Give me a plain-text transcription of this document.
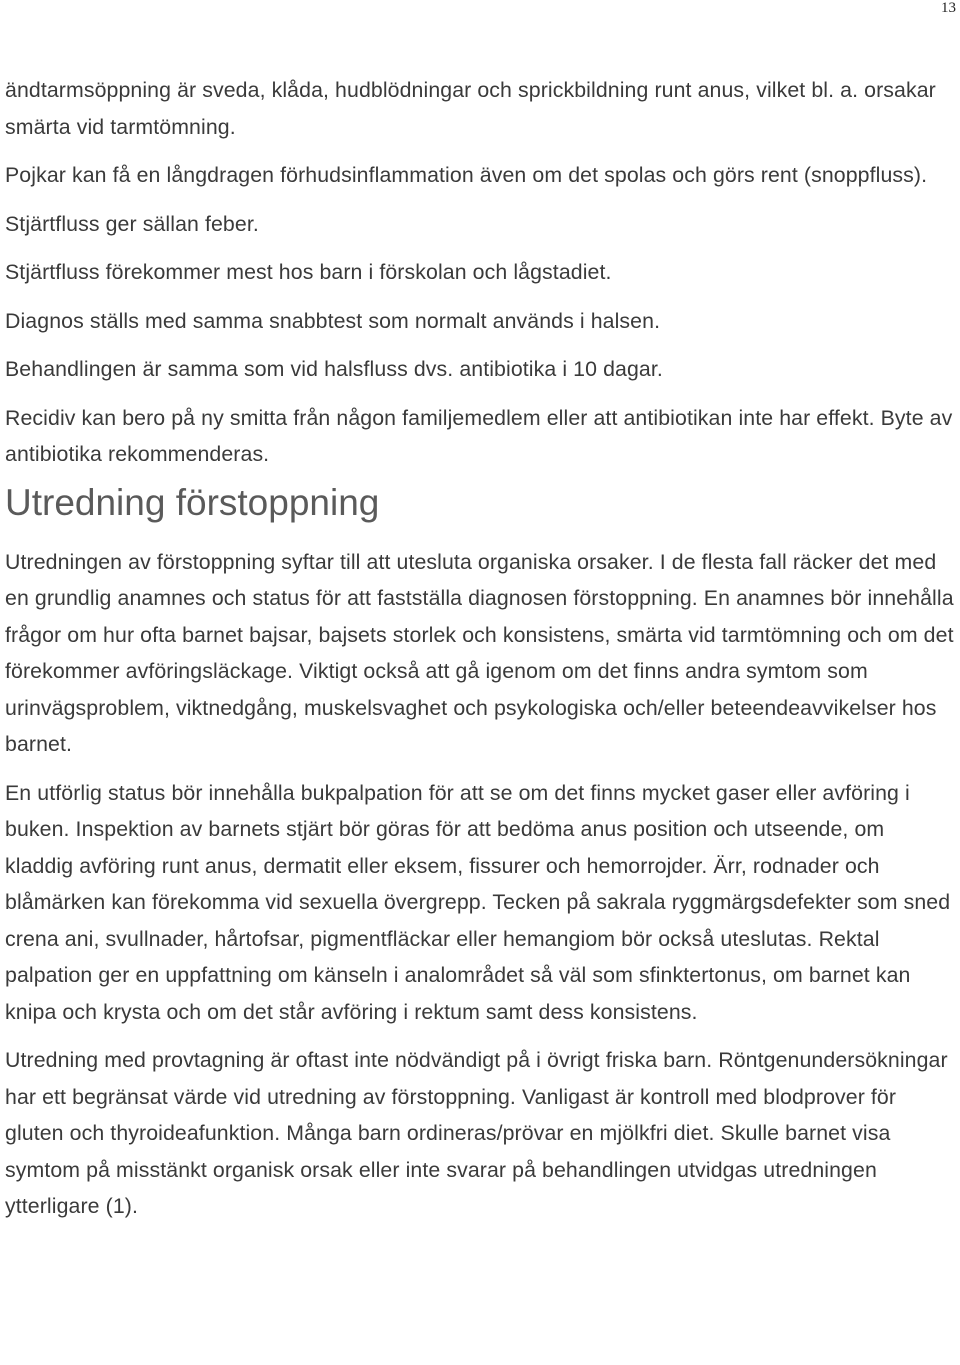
13

ändtarmsöppning är sveda, klåda, hudblödningar och sprickbildning runt anus, vilket bl. a. orsakar smärta vid tarmtömning.

Pojkar kan få en långdragen förhudsinflammation även om det spolas och görs rent (snoppfluss).

Stjärtfluss ger sällan feber.

Stjärtfluss förekommer mest hos barn i förskolan och lågstadiet.

Diagnos ställs med samma snabbtest som normalt används i halsen.

Behandlingen är samma som vid halsfluss dvs. antibiotika i 10 dagar.

Recidiv kan bero på ny smitta från någon familjemedlem eller att antibiotikan inte har effekt. Byte av antibiotika rekommenderas.

Utredning förstoppning

Utredningen av förstoppning syftar till att utesluta organiska orsaker. I de flesta fall räcker det med en grundlig anamnes och status för att fastställa diagnosen förstoppning. En anamnes bör innehålla frågor om hur ofta barnet bajsar, bajsets storlek och konsistens, smärta vid tarmtömning och om det förekommer avföringsläckage. Viktigt också att gå igenom om det finns andra symtom som urinvägsproblem, viktnedgång, muskelsvaghet och psykologiska och/eller beteendeavvikelser hos barnet.

En utförlig status bör innehålla bukpalpation för att se om det finns mycket gaser eller avföring i buken. Inspektion av barnets stjärt bör göras för att bedöma anus position och utseende, om kladdig avföring runt anus, dermatit eller eksem, fissurer och hemorrojder. Ärr, rodnader och blåmärken kan förekomma vid sexuella övergrepp. Tecken på sakrala ryggmärgsdefekter som sned crena ani, svullnader, hårtofsar, pigmentfläckar eller hemangiom bör också uteslutas. Rektal palpation ger en uppfattning om känseln i analområdet så väl som sfinktertonus, om barnet kan knipa och krysta och om det står avföring i rektum samt dess konsistens.

Utredning med provtagning är oftast inte nödvändigt på i övrigt friska barn. Röntgenundersökningar har ett begränsat värde vid utredning av förstoppning. Vanligast är kontroll med blodprover för gluten och thyroideafunktion. Många barn ordineras/prövar en mjölkfri diet. Skulle barnet visa symtom på misstänkt organisk orsak eller inte svarar på behandlingen utvidgas utredningen ytterligare (1).
